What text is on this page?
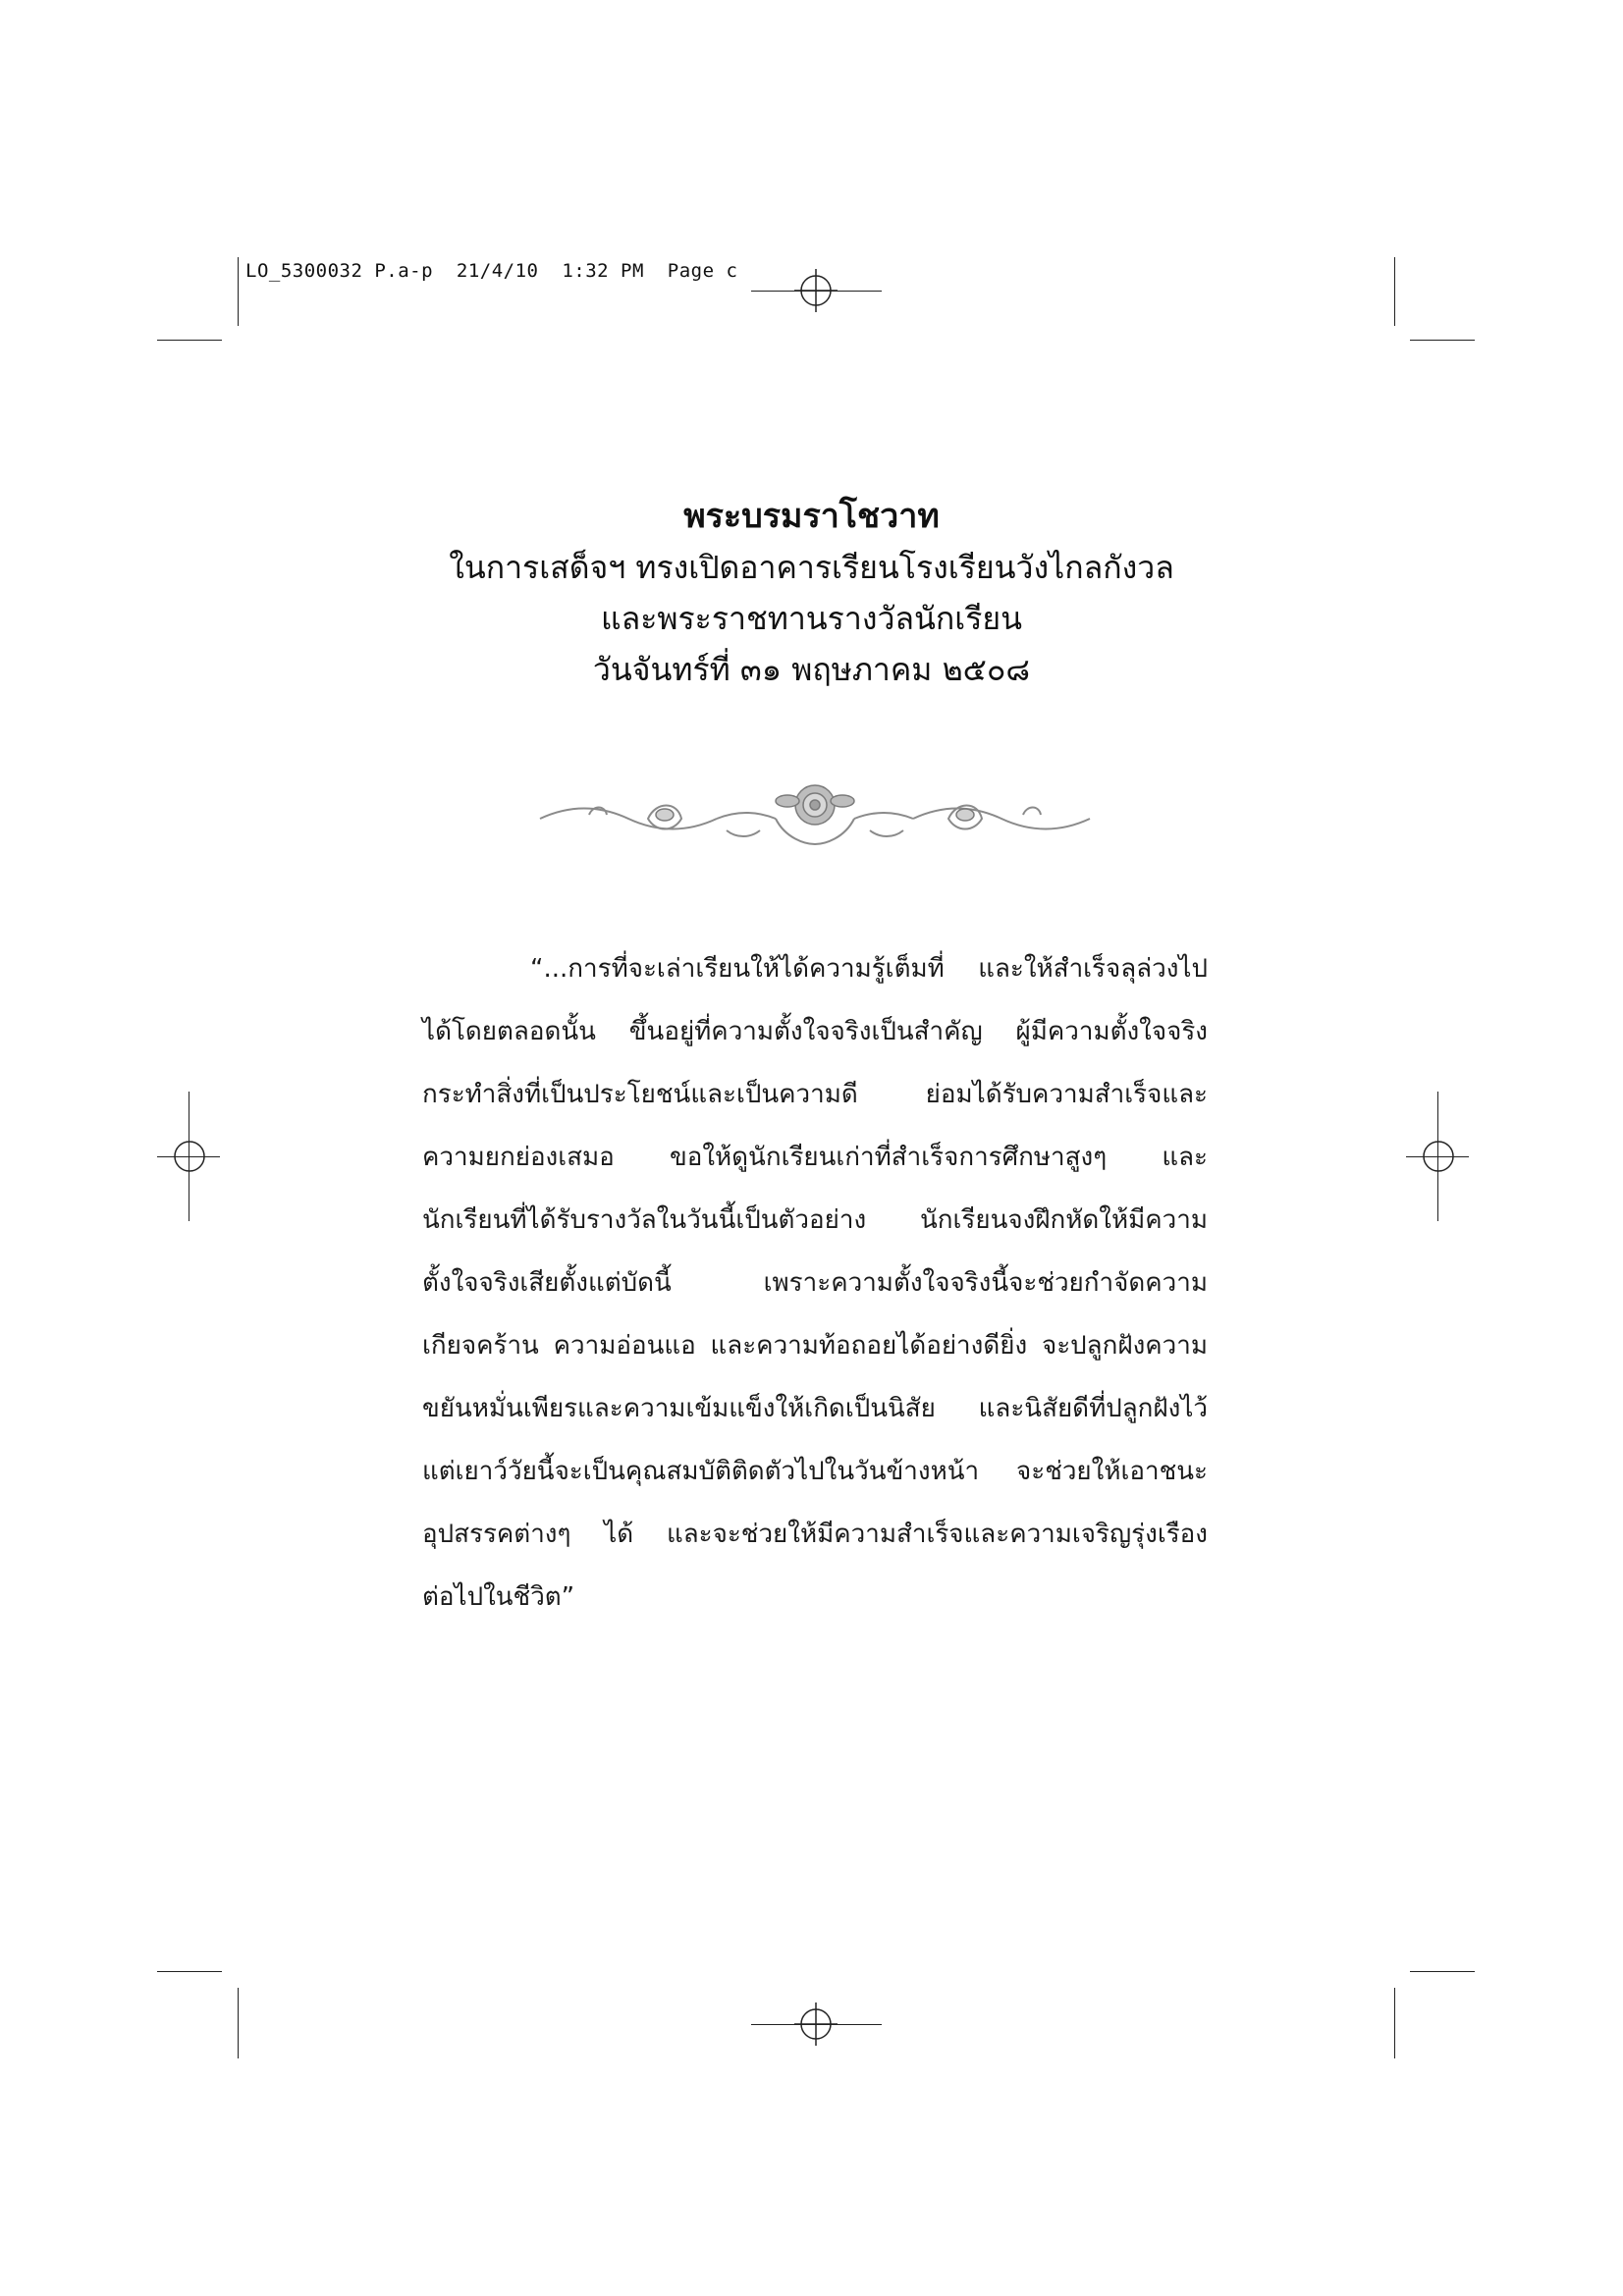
LO_5300032 P.a-p  21/4/10  1:32 PM  Page c
พระบรมราโชวาท
ในการเสด็จฯ ทรงเปิดอาคารเรียนโรงเรียนวังไกลกังวล
และพระราชทานรางวัลนักเรียน
วันจันทร์ที่ ๓๑ พฤษภาคม ๒๕๐๘
“...การที่จะเล่าเรียนให้ได้ความรู้เต็มที่ และให้สำเร็จลุล่วงไป
ได้โดยตลอดนั้น ขึ้นอยู่ที่ความตั้งใจจริงเป็นสำคัญ ผู้มีความตั้งใจจริง
กระทำสิ่งที่เป็นประโยชน์และเป็นความดี ย่อมได้รับความสำเร็จและ
ความยกย่องเสมอ ขอให้ดูนักเรียนเก่าที่สำเร็จการศึกษาสูงๆ และ
นักเรียนที่ได้รับรางวัลในวันนี้เป็นตัวอย่าง นักเรียนจงฝึกหัดให้มีความ
ตั้งใจจริงเสียตั้งแต่บัดนี้ เพราะความตั้งใจจริงนี้จะช่วยกำจัดความ
เกียจคร้าน ความอ่อนแอ และความท้อถอยได้อย่างดียิ่ง จะปลูกฝังความ
ขยันหมั่นเพียรและความเข้มแข็งให้เกิดเป็นนิสัย และนิสัยดีที่ปลูกฝังไว้
แต่เยาว์วัยนี้จะเป็นคุณสมบัติติดตัวไปในวันข้างหน้า จะช่วยให้เอาชนะ
อุปสรรคต่างๆ ได้ และจะช่วยให้มีความสำเร็จและความเจริญรุ่งเรือง
ต่อไปในชีวิต”
